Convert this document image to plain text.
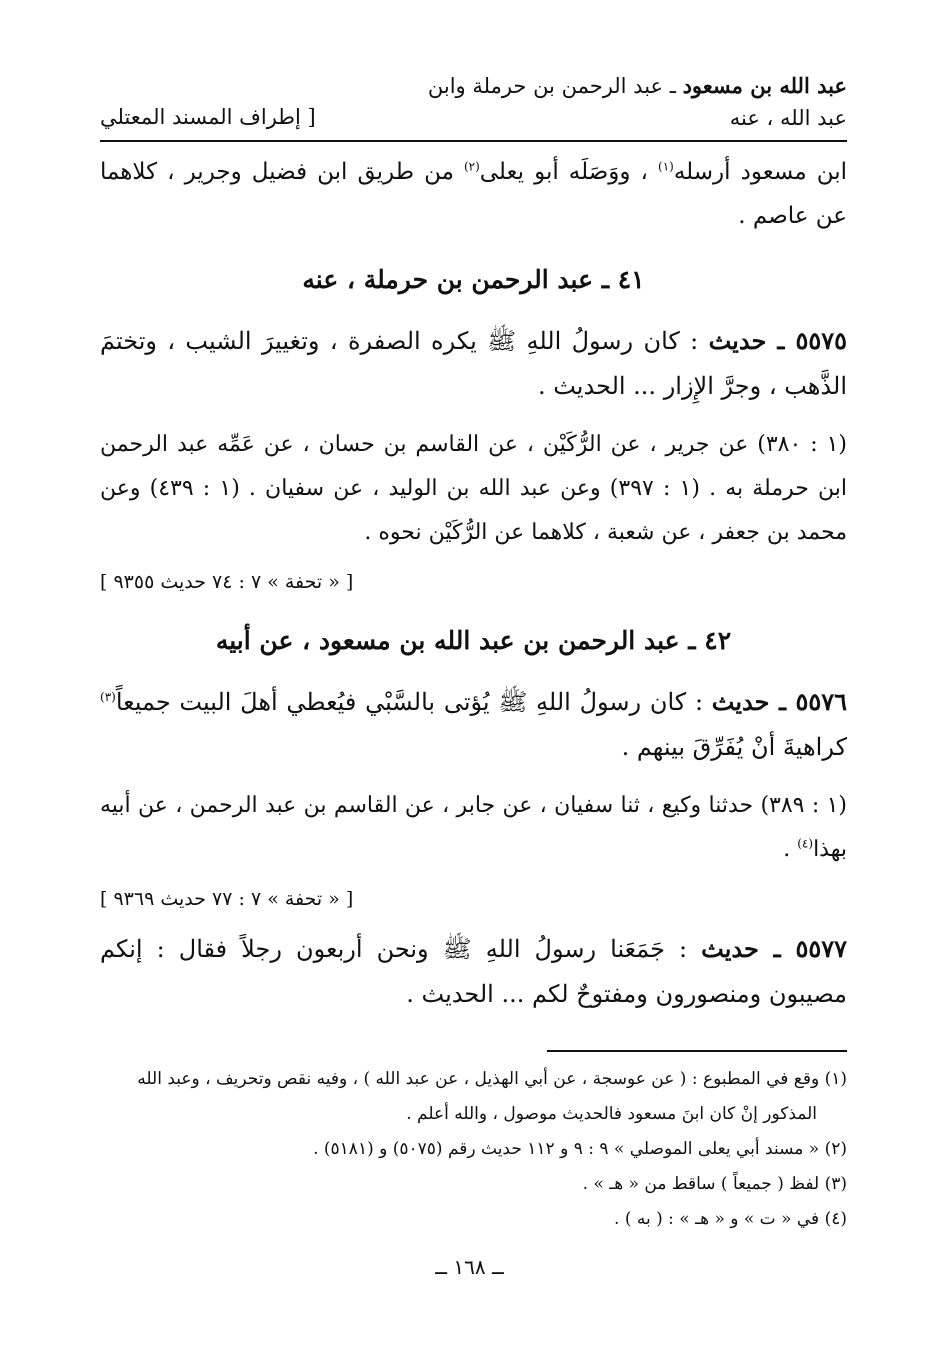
عبد الله بن مسعود ـ عبد الرحمن بن حرملة وابن
عبد الله ، عنه
[ إطراف المسند المعتلي

ابن مسعود أرسله$^{(١)}$ ، ووَصَلَه أبو يعلى$^{(٢)}$ من طريق ابن فضيل وجرير ، كلاهما عن عاصم .

٤١ ـ عبد الرحمن بن حرملة ، عنه

٥٥٧٥ ـ حديث : كان رسولُ اللهِ ﷺ يكره الصفرة ، وتغييرَ الشيب ، وتختمَ الذَّهب ، وجرَّ الإِزار ... الحديث .

(١ : ٣٨٠) عن جرير ، عن الرُّكَيْن ، عن القاسم بن حسان ، عن عَمِّه عبد الرحمن ابن حرملة به . (١ : ٣٩٧) وعن عبد الله بن الوليد ، عن سفيان . (١ : ٤٣٩) وعن محمد بن جعفر ، عن شعبة ، كلاهما عن الرُّكَيْن نحوه .

[ « تحفة » ٧ : ٧٤ حديث ٩٣٥٥ ]
٤٢ ـ عبد الرحمن بن عبد الله بن مسعود ، عن أبيه

٥٥٧٦ ـ حديث : كان رسولُ اللهِ ﷺ يُؤتى بالسَّبْي فيُعطي أهلَ البيت جميعاً$^{(٣)}$ كراهيةَ أنْ يُفَرِّقَ بينهم .

(١ : ٣٨٩) حدثنا وكيع ، ثنا سفيان ، عن جابر ، عن القاسم بن عبد الرحمن ، عن أبيه بهذا$^{(٤)}$ .

[ « تحفة » ٧ : ٧٧ حديث ٩٣٦٩ ]

٥٥٧٧ ـ حديث : جَمَعَنا رسولُ اللهِ ﷺ ونحن أربعون رجلاً فقال : إنكم مصيبون ومنصورون ومفتوحٌ لكم ... الحديث .

(١) وقع في المطبوع : ( عن عوسجة ، عن أبي الهذيل ، عن عبد الله ) ، وفيه نقص وتحريف ، وعبد الله
المذكور إنْ كان ابنَ مسعود فالحديث موصول ، والله أعلم .
(٢) « مسند أبي يعلى الموصلي » ٩ : ٩ و ١١٢ حديث رقم (٥٠٧٥) و (٥١٨١) .
(٣) لفظ ( جميعاً ) ساقط من « هـ » .
(٤) في « ت » و « هـ » : ( به ) .
ــ ١٦٨ ــ
